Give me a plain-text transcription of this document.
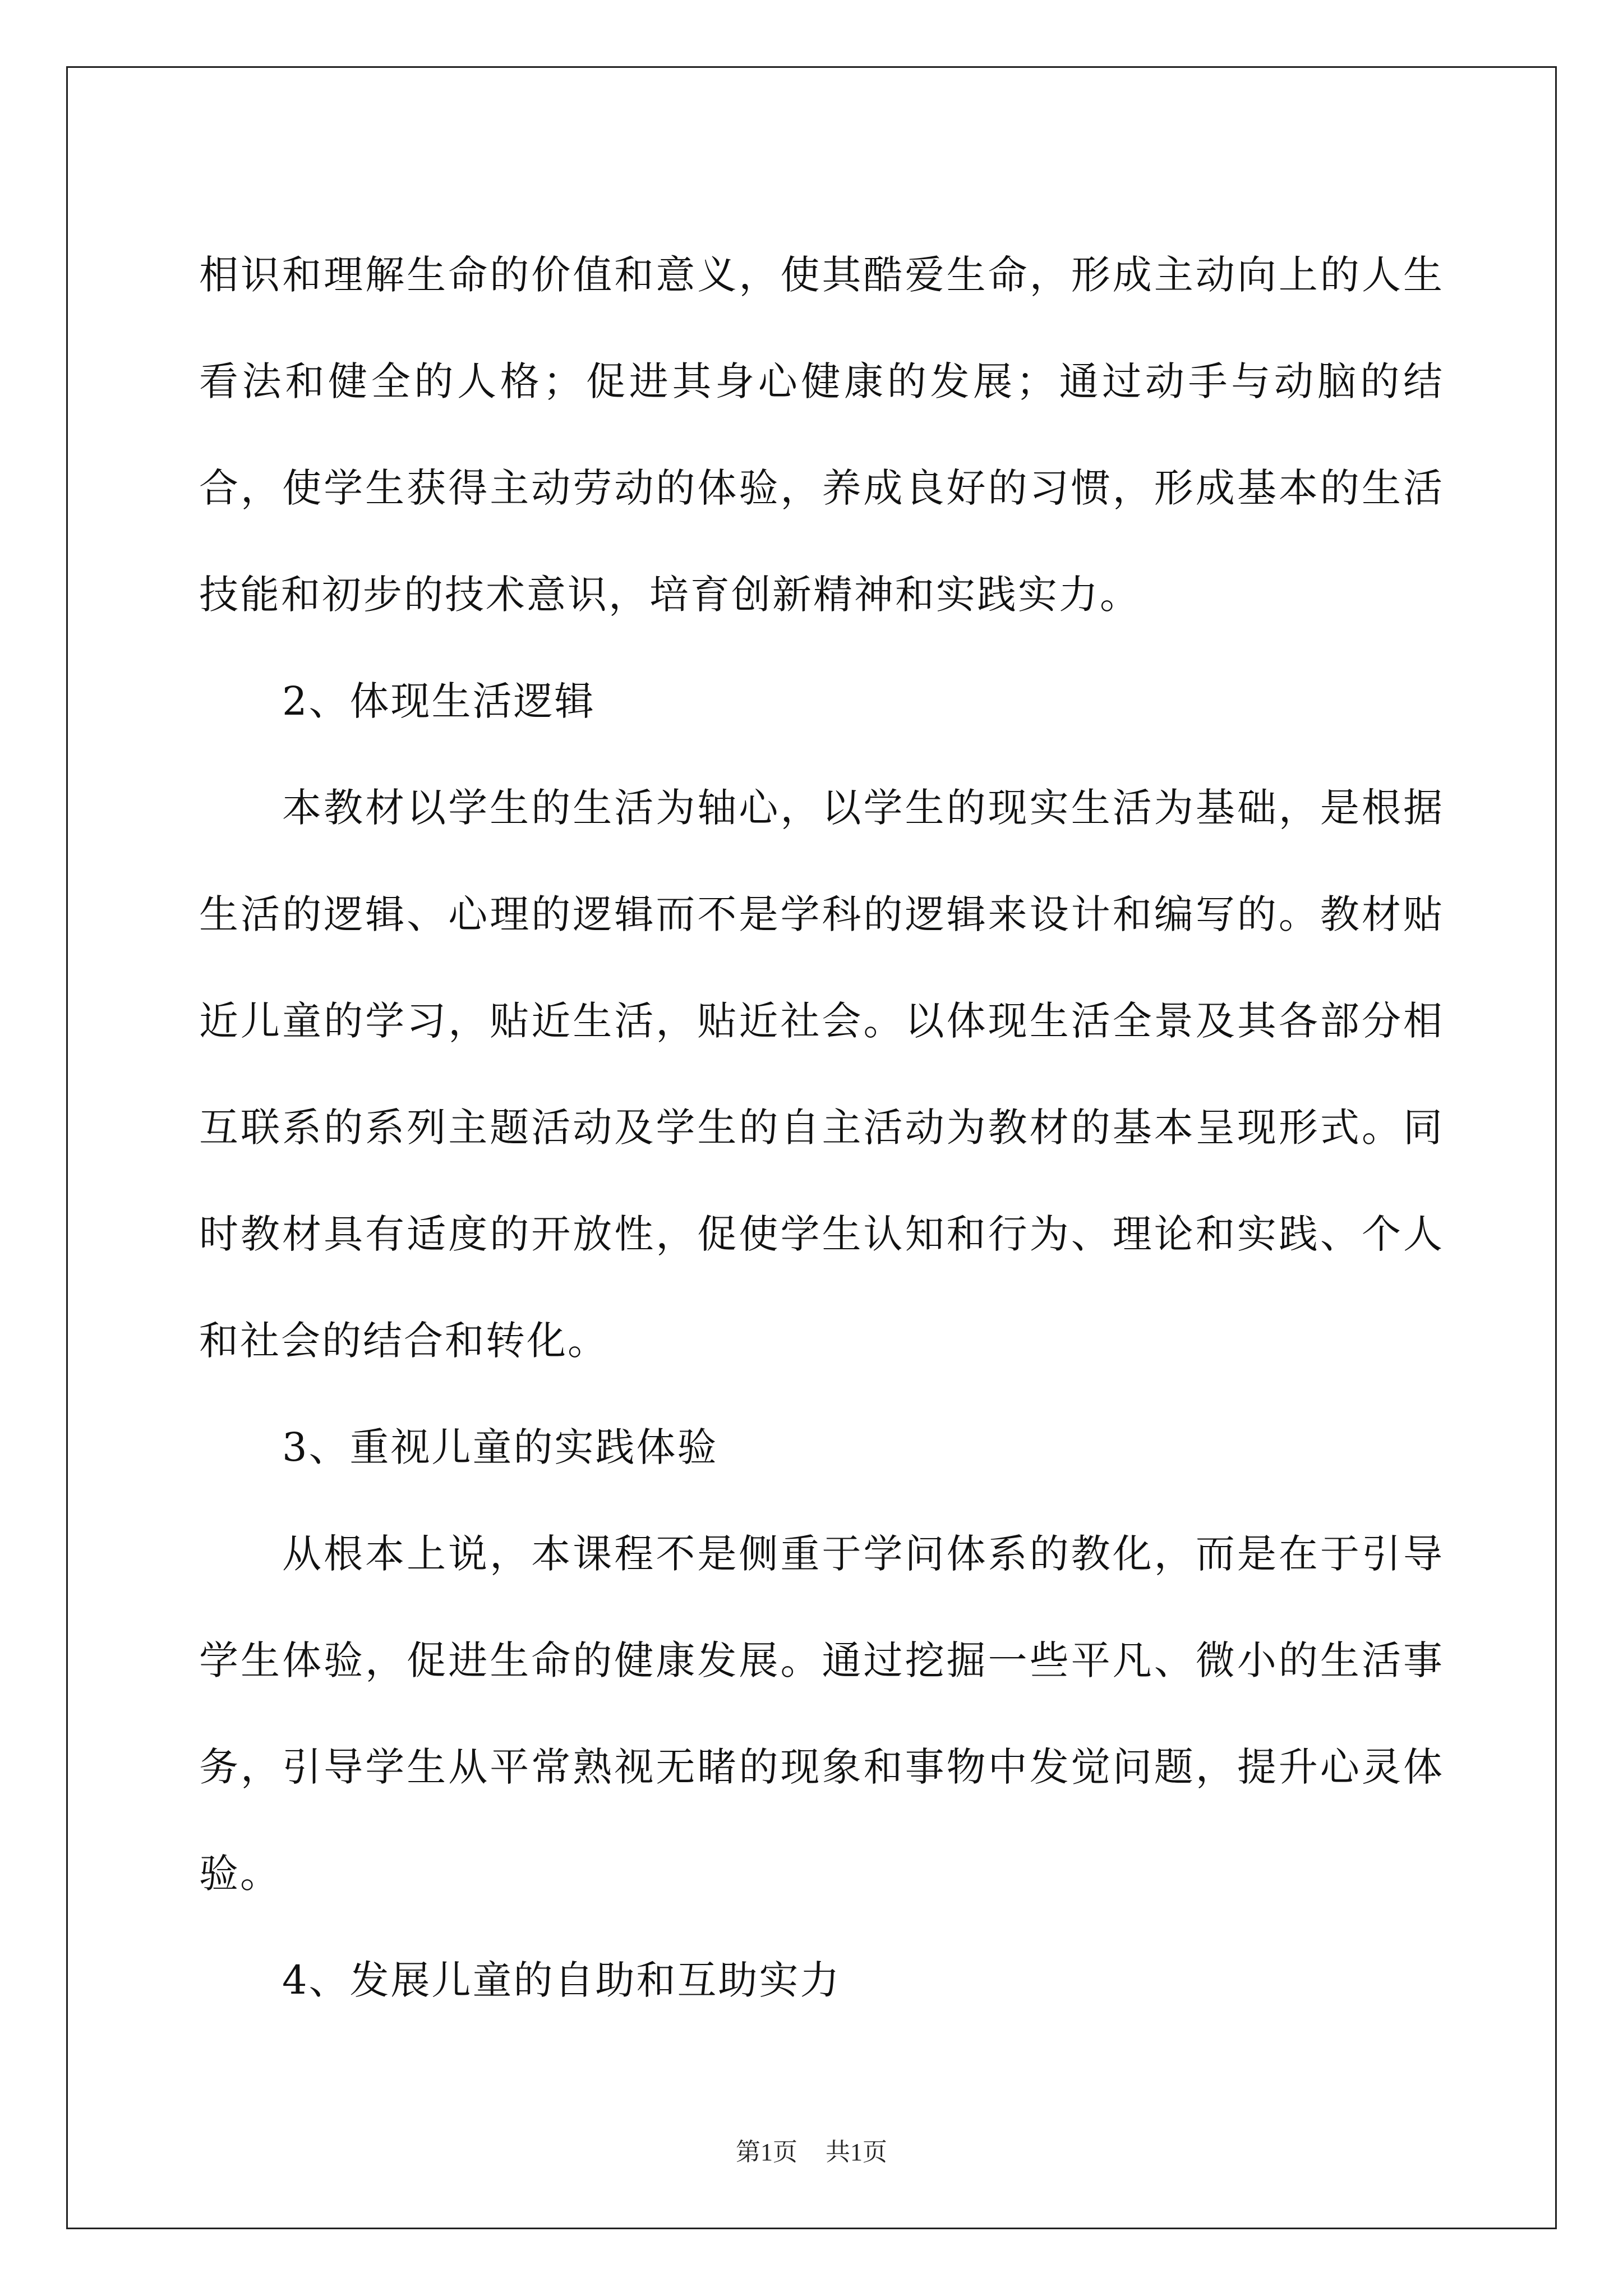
相识和理解生命的价值和意义，使其酷爱生命，形成主动向上的人生看法和健全的人格；促进其身心健康的发展；通过动手与动脑的结合，使学生获得主动劳动的体验，养成良好的习惯，形成基本的生活技能和初步的技术意识，培育创新精神和实践实力。

2、体现生活逻辑

本教材以学生的生活为轴心，以学生的现实生活为基础，是根据生活的逻辑、心理的逻辑而不是学科的逻辑来设计和编写的。教材贴近儿童的学习，贴近生活，贴近社会。以体现生活全景及其各部分相互联系的系列主题活动及学生的自主活动为教材的基本呈现形式。同时教材具有适度的开放性，促使学生认知和行为、理论和实践、个人和社会的结合和转化。

3、重视儿童的实践体验

从根本上说，本课程不是侧重于学问体系的教化，而是在于引导学生体验，促进生命的健康发展。通过挖掘一些平凡、微小的生活事务，引导学生从平常熟视无睹的现象和事物中发觉问题，提升心灵体验。

4、发展儿童的自助和互助实力

第1页 共1页
